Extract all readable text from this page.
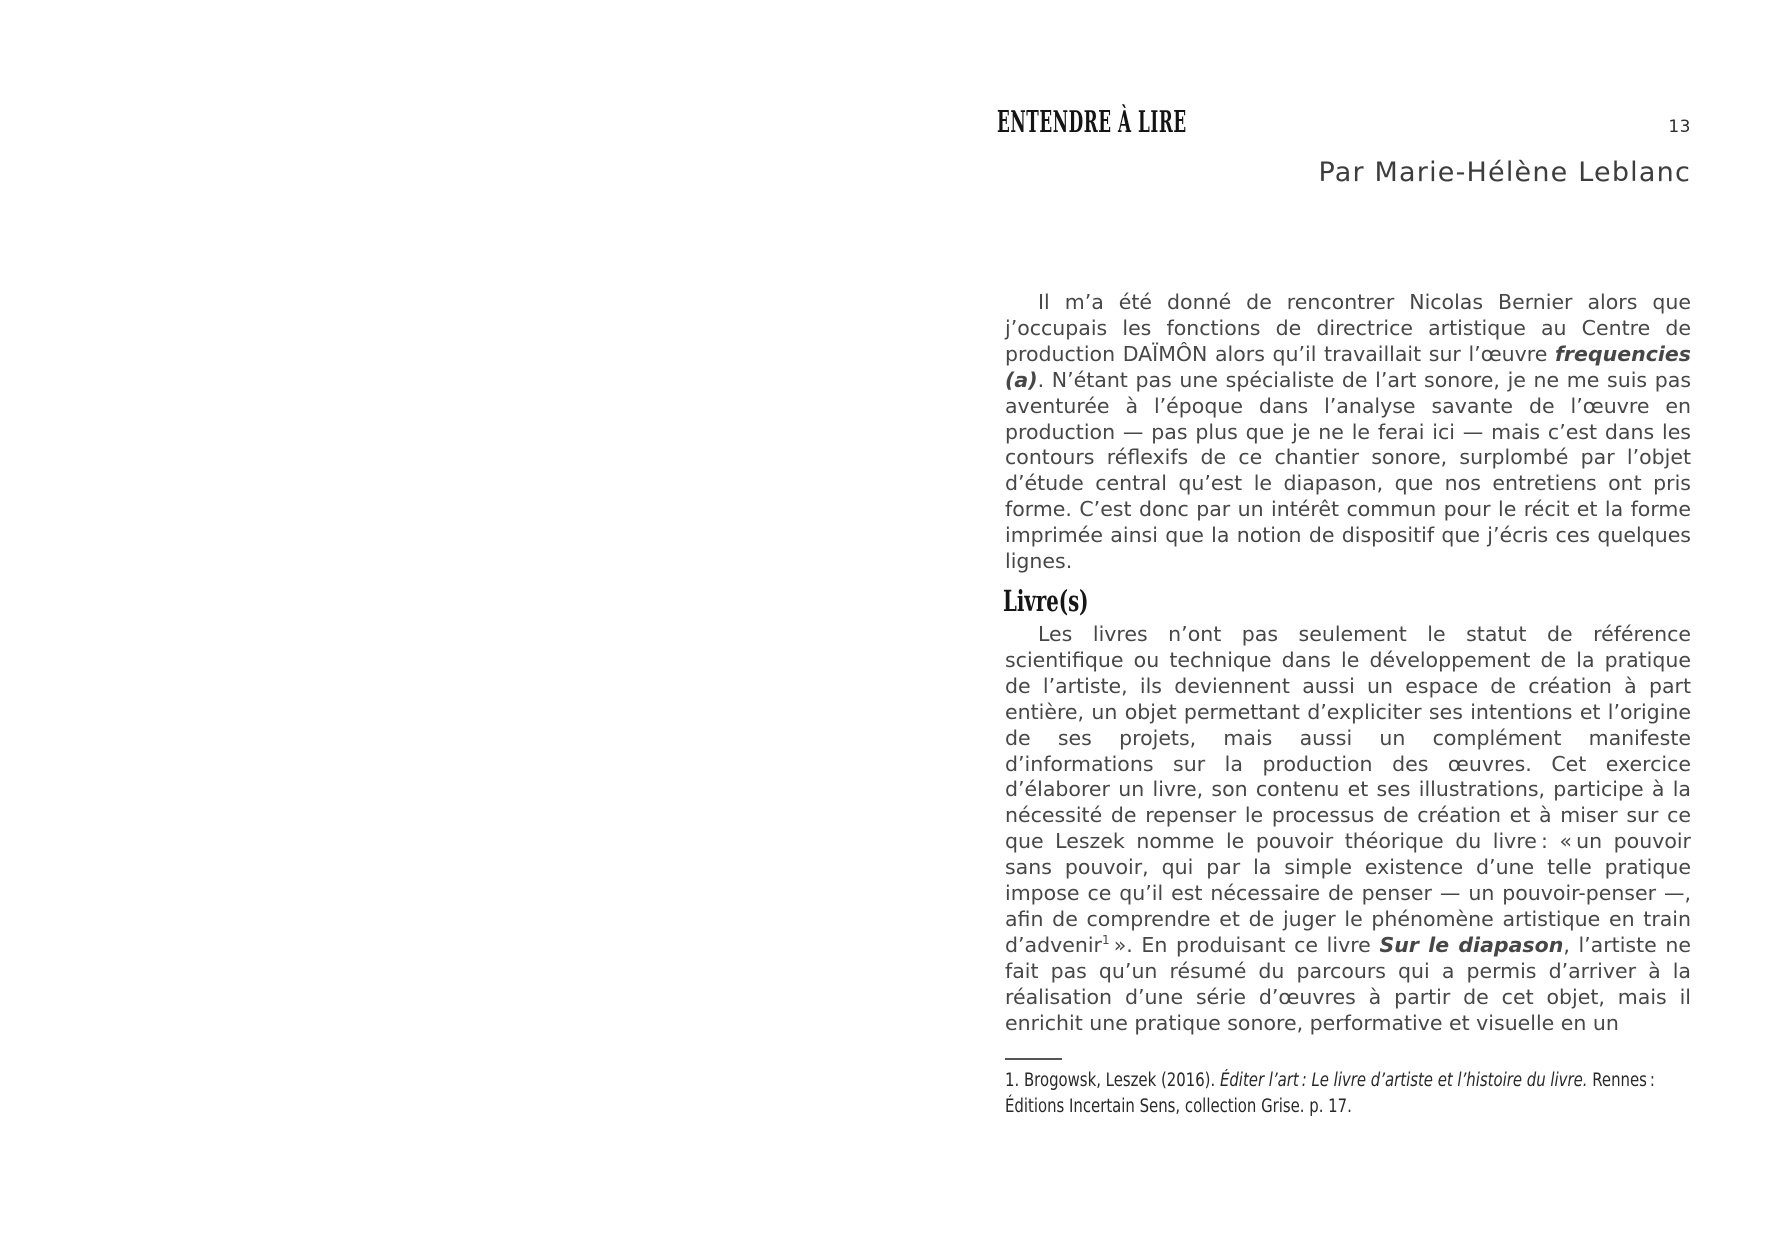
13
ENTENDRE À LIRE
Par Marie-Hélène Leblanc

Il m’a été donné de rencontrer Nicolas Bernier alors que j’occupais les fonctions de directrice artistique au Centre de production DAÏMÔN alors qu’il travaillait sur l’œuvre frequencies (a). N’étant pas une spécialiste de l’art sonore, je ne me suis pas aventurée à l’époque dans l’analyse savante de l’œuvre en production — pas plus que je ne le ferai ici — mais c’est dans les contours réflexifs de ce chantier sonore, surplombé par l’objet d’étude central qu’est le diapason, que nos entretiens ont pris forme. C’est donc par un intérêt commun pour le récit et la forme imprimée ainsi que la notion de dispositif que j’écris ces quelques lignes.

Livre(s)

Les livres n’ont pas seulement le statut de référence scientifique ou technique dans le développement de la pratique de l’artiste, ils deviennent aussi un espace de création à part entière, un objet permettant d’expliciter ses intentions et l’origine de ses projets, mais aussi un complément manifeste d’informations sur la production des œuvres. Cet exercice d’élaborer un livre, son contenu et ses illustrations, participe à la nécessité de repenser le processus de création et à miser sur ce que Leszek nomme le pouvoir théorique du livre : « un pouvoir sans pouvoir, qui par la simple existence d’une telle pratique impose ce qu’il est nécessaire de penser — un pouvoir-penser —, afin de comprendre et de juger le phénomène artistique en train d’advenir$^1$ ». En produisant ce livre Sur le diapason, l’artiste ne fait pas qu’un résumé du parcours qui a permis d’arriver à la réalisation d’une série d’œuvres à partir de cet objet, mais il enrichit une pratique sonore, performative et visuelle en un

1. Brogowsk, Leszek (2016). Éditer l’art : Le livre d’artiste et l’histoire du livre. Rennes : Éditions Incertain Sens, collection Grise. p. 17.
